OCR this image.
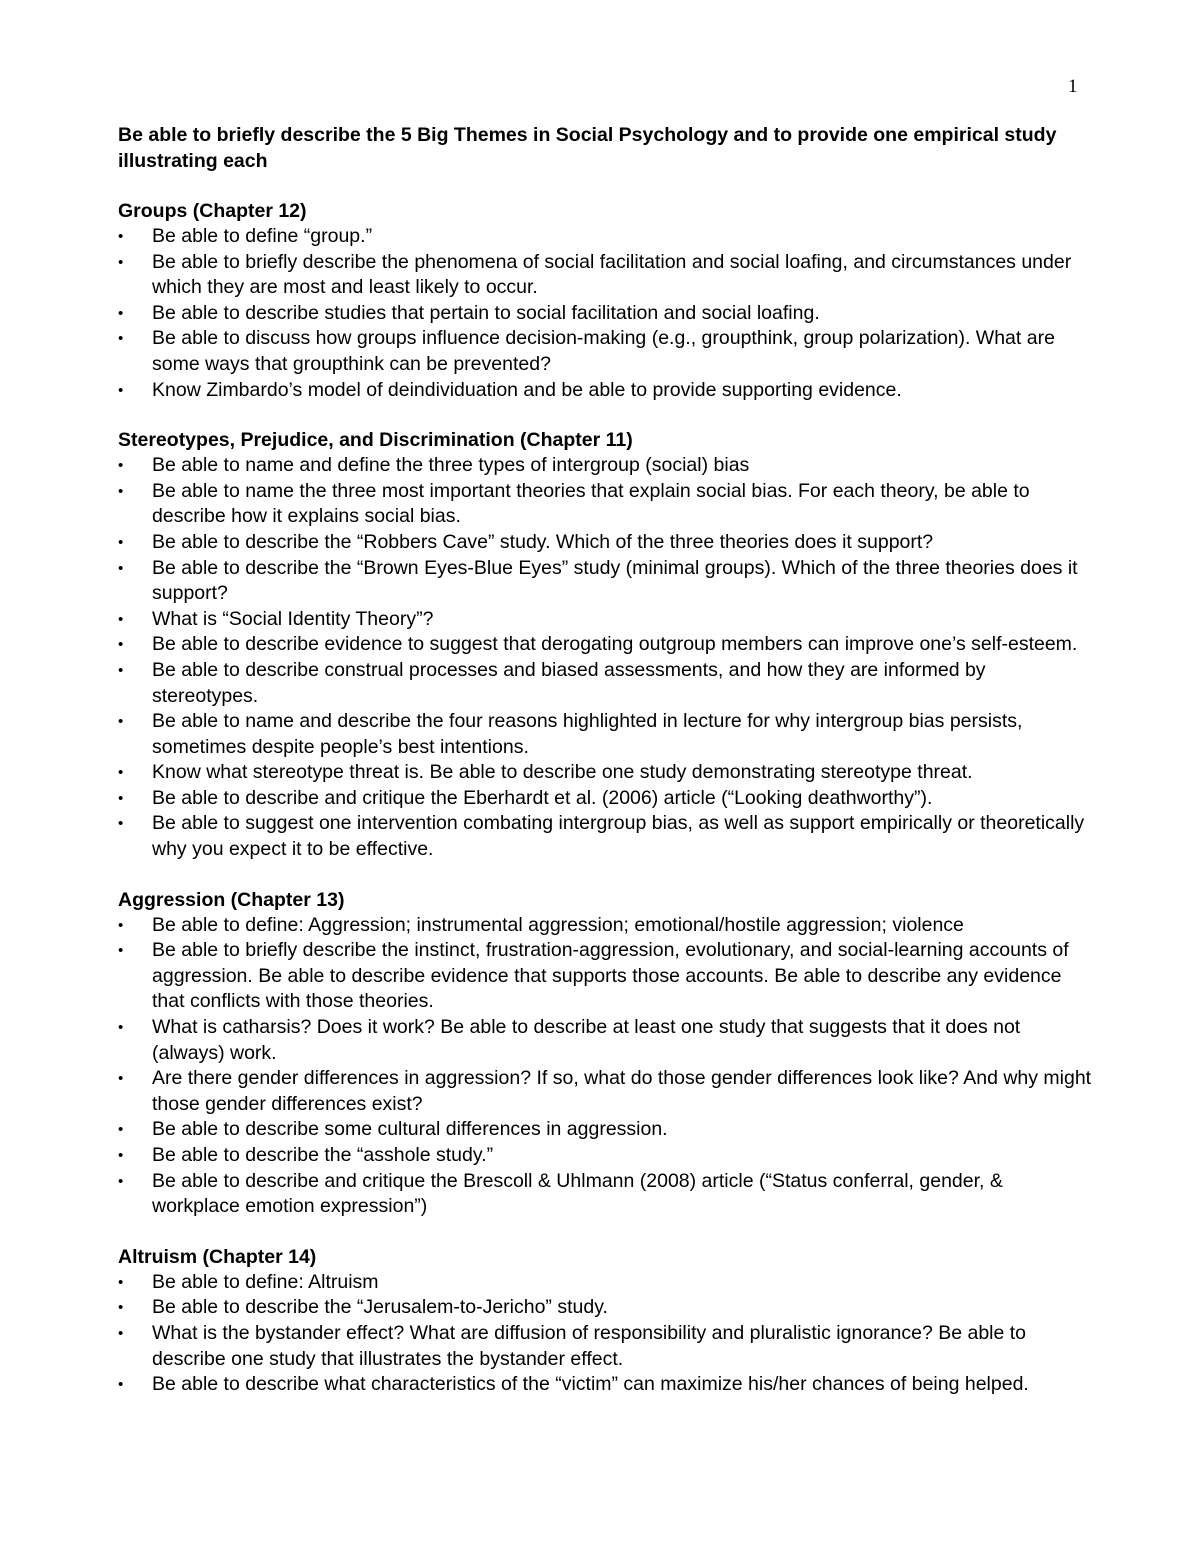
1

Be able to briefly describe the 5 Big Themes in Social Psychology and to provide one empirical study illustrating each

Groups (Chapter 12)

•	Be able to define “group.”
•	Be able to briefly describe the phenomena of social facilitation and social loafing, and circumstances under which they are most and least likely to occur.
•	Be able to describe studies that pertain to social facilitation and social loafing.
•	Be able to discuss how groups influence decision-making (e.g., groupthink, group polarization). What are some ways that groupthink can be prevented?
•	Know Zimbardo’s model of deindividuation and be able to provide supporting evidence.

Stereotypes, Prejudice, and Discrimination (Chapter 11)

•	Be able to name and define the three types of intergroup (social) bias
•	Be able to name the three most important theories that explain social bias. For each theory, be able to describe how it explains social bias.
•	Be able to describe the “Robbers Cave” study. Which of the three theories does it support?
•	Be able to describe the “Brown Eyes-Blue Eyes” study (minimal groups). Which of the three theories does it support?
•	What is “Social Identity Theory”?
•	Be able to describe evidence to suggest that derogating outgroup members can improve one’s self-esteem.
•	Be able to describe construal processes and biased assessments, and how they are informed by stereotypes.
•	Be able to name and describe the four reasons highlighted in lecture for why intergroup bias persists, sometimes despite people’s best intentions.
•	Know what stereotype threat is. Be able to describe one study demonstrating stereotype threat.
•	Be able to describe and critique the Eberhardt et al. (2006) article (“Looking deathworthy”).
•	Be able to suggest one intervention combating intergroup bias, as well as support empirically or theoretically why you expect it to be effective.

Aggression (Chapter 13)

•	Be able to define: Aggression; instrumental aggression; emotional/hostile aggression; violence
•	Be able to briefly describe the instinct, frustration-aggression, evolutionary, and social-learning accounts of aggression. Be able to describe evidence that supports those accounts. Be able to describe any evidence that conflicts with those theories.
•	What is catharsis? Does it work? Be able to describe at least one study that suggests that it does not (always) work.
•	Are there gender differences in aggression? If so, what do those gender differences look like? And why might those gender differences exist?
•	Be able to describe some cultural differences in aggression.
•	Be able to describe the “asshole study.”
•	Be able to describe and critique the Brescoll & Uhlmann (2008) article (“Status conferral, gender, & workplace emotion expression”)

Altruism (Chapter 14)

•	Be able to define: Altruism
•	Be able to describe the “Jerusalem-to-Jericho” study.
•	What is the bystander effect? What are diffusion of responsibility and pluralistic ignorance? Be able to describe one study that illustrates the bystander effect.
•	Be able to describe what characteristics of the “victim” can maximize his/her chances of being helped.
